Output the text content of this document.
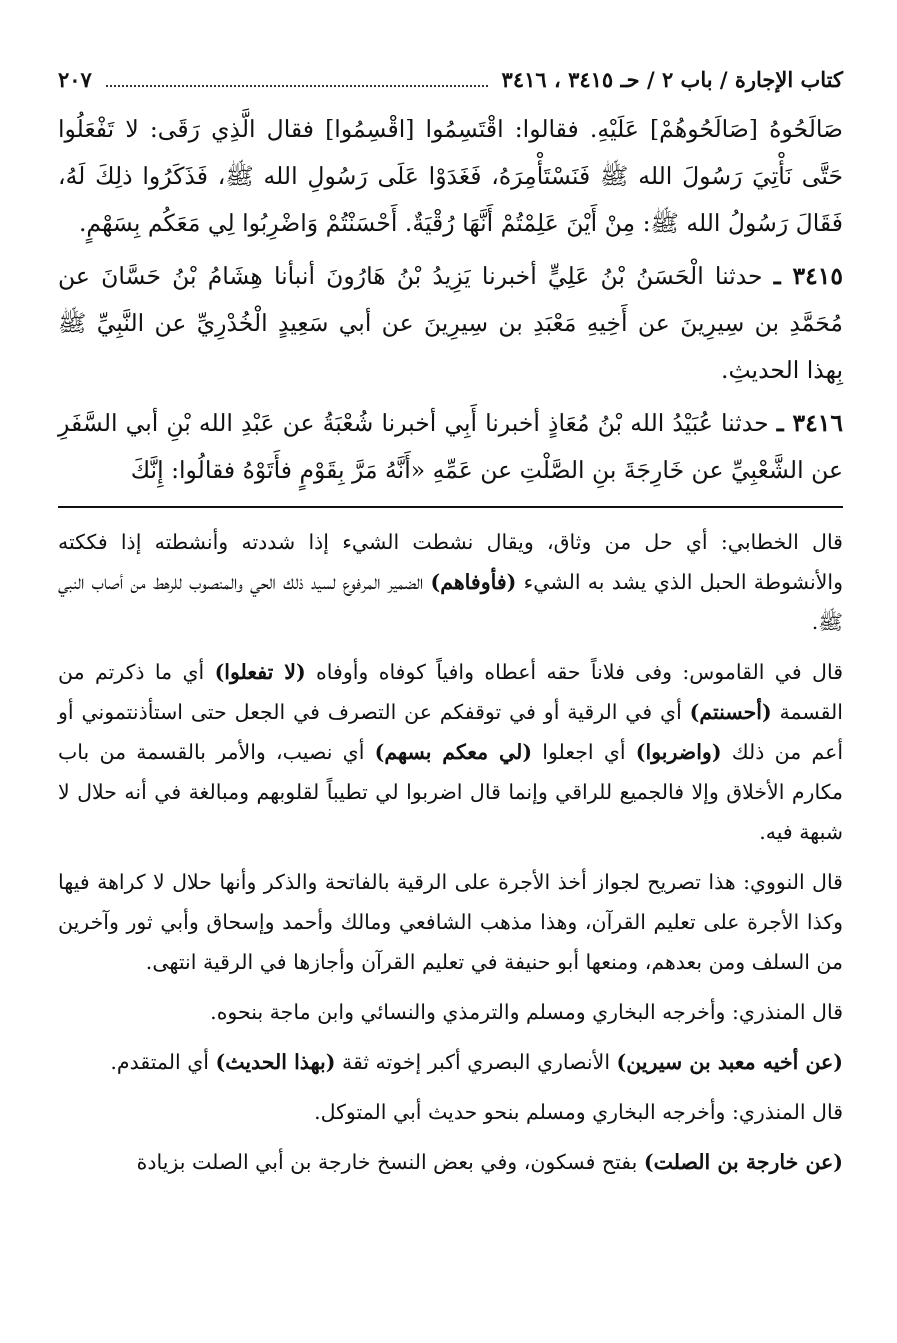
كتاب الإجارة / باب ٢ / حـ ٣٤١٥ ، ٣٤١٦
٢٠٧

صَالَحُوهُ [صَالَحُوهُمْ] عَلَيْهِ. فقالوا: اقْتَسِمُوا [اقْسِمُوا] فقال الَّذِي رَقَى: لا تَفْعَلُوا حَتَّى نَأْتِيَ رَسُولَ الله ﷺ فَنَسْتَأْمِرَهُ، فَغَدَوْا عَلَى رَسُولِ الله ﷺ، فَذَكَرُوا ذلِكَ لَهُ، فَقَالَ رَسُولُ الله ﷺ: مِنْ أَيْنَ عَلِمْتُمْ أَنَّهَا رُقْيَةٌ. أَحْسَنْتُمْ وَاضْرِبُوا لِي مَعَكُم بِسَهْمٍ.

٣٤١٥ ـ حدثنا الْحَسَنُ بْنُ عَلِيٍّ أخبرنا يَزِيدُ بْنُ هَارُونَ أنبأنا هِشَامُ بْنُ حَسَّانَ عن مُحَمَّدِ بن سِيرِينَ عن أَخِيهِ مَعْبَدِ بن سِيرِينَ عن أبي سَعِيدٍ الْخُدْرِيِّ عن النَّبِيِّ ﷺ بِهذا الحديثِ.

٣٤١٦ ـ حدثنا عُبَيْدُ الله بْنُ مُعَاذٍ أخبرنا أَبِي أخبرنا شُعْبَةُ عن عَبْدِ الله بْنِ أبي السَّفَرِ عن الشَّعْبِيِّ عن خَارِجَةَ بنِ الصَّلْتِ عن عَمِّهِ «أَنَّهُ مَرَّ بِقَوْمٍ فأَتَوْهُ فقالُوا: إِنَّكَ

قال الخطابي: أي حل من وثاق، ويقال نشطت الشيء إذا شددته وأنشطته إذا فككته والأنشوطة الحبل الذي يشد به الشيء ( فأوفاهم ) الضمير المرفوع لسيد ذلك الحي والمنصوب للرهط من أصاب النبي ﷺ.

قال في القاموس: وفى فلاناً حقه أعطاه وافياً كوفاه وأوفاه ( لا تفعلوا ) أي ما ذكرتم من القسمة ( أحسنتم ) أي في الرقية أو في توقفكم عن التصرف في الجعل حتى استأذنتموني أو أعم من ذلك ( واضربوا ) أي اجعلوا ( لي معكم بسهم ) أي نصيب، والأمر بالقسمة من باب مكارم الأخلاق وإلا فالجميع للراقي وإنما قال اضربوا لي تطيباً لقلوبهم ومبالغة في أنه حلال لا شبهة فيه.

قال النووي: هذا تصريح لجواز أخذ الأجرة على الرقية بالفاتحة والذكر وأنها حلال لا كراهة فيها وكذا الأجرة على تعليم القرآن، وهذا مذهب الشافعي ومالك وأحمد وإسحاق وأبي ثور وآخرين من السلف ومن بعدهم، ومنعها أبو حنيفة في تعليم القرآن وأجازها في الرقية انتهى.

قال المنذري: وأخرجه البخاري ومسلم والترمذي والنسائي وابن ماجة بنحوه.

( عن أخيه معبد بن سيرين ) الأنصاري البصري أكبر إخوته ثقة ( بهذا الحديث ) أي المتقدم.

قال المنذري: وأخرجه البخاري ومسلم بنحو حديث أبي المتوكل.

( عن خارجة بن الصلت ) بفتح فسكون، وفي بعض النسخ خارجة بن أبي الصلت بزيادة
